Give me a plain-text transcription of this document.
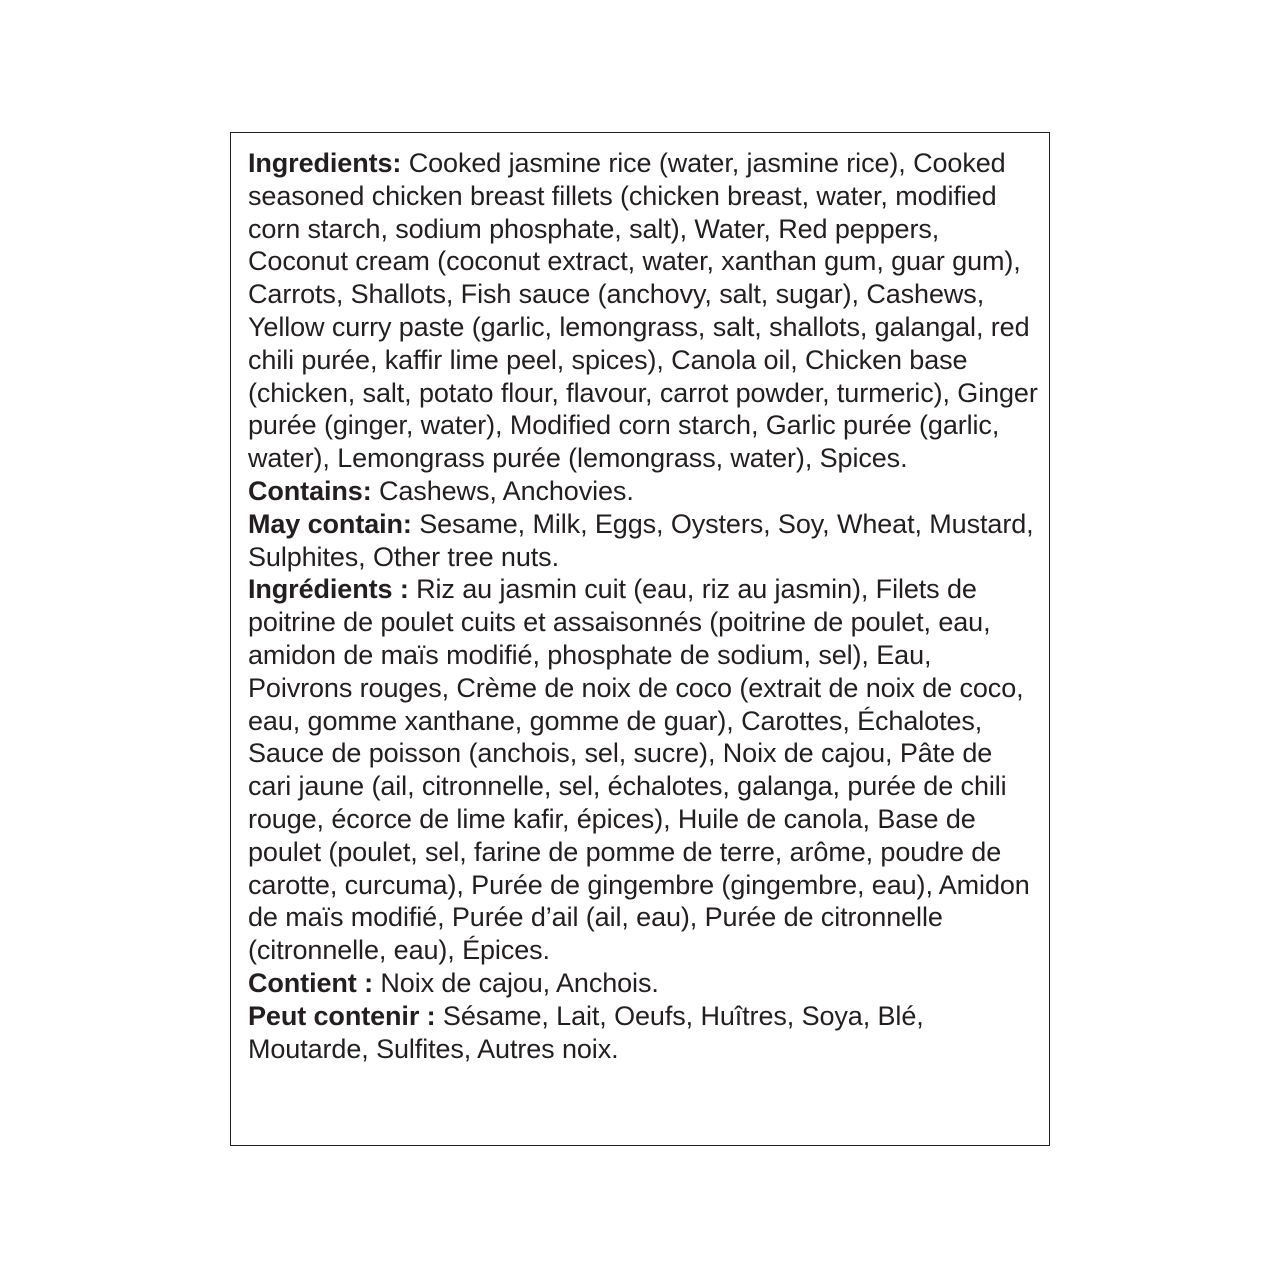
Ingredients: Cooked jasmine rice (water, jasmine rice), Cooked seasoned chicken breast fillets (chicken breast, water, modified corn starch, sodium phosphate, salt), Water, Red peppers, Coconut cream (coconut extract, water, xanthan gum, guar gum), Carrots, Shallots, Fish sauce (anchovy, salt, sugar), Cashews, Yellow curry paste (garlic, lemongrass, salt, shallots, galangal, red chili purée, kaffir lime peel, spices), Canola oil, Chicken base (chicken, salt, potato flour, flavour, carrot powder, turmeric), Ginger purée (ginger, water), Modified corn starch, Garlic purée (garlic, water), Lemongrass purée (lemongrass, water), Spices.

Contains: Cashews, Anchovies.

May contain: Sesame, Milk, Eggs, Oysters, Soy, Wheat, Mustard, Sulphites, Other tree nuts.

Ingrédients : Riz au jasmin cuit (eau, riz au jasmin), Filets de poitrine de poulet cuits et assaisonnés (poitrine de poulet, eau, amidon de maïs modifié, phosphate de sodium, sel), Eau, Poivrons rouges, Crème de noix de coco (extrait de noix de coco, eau, gomme xanthane, gomme de guar), Carottes, Échalotes, Sauce de poisson (anchois, sel, sucre), Noix de cajou, Pâte de cari jaune (ail, citronnelle, sel, échalotes, galanga, purée de chili rouge, écorce de lime kafir, épices), Huile de canola, Base de poulet (poulet, sel, farine de pomme de terre, arôme, poudre de carotte, curcuma), Purée de gingembre (gingembre, eau), Amidon de maïs modifié, Purée d’ail (ail, eau), Purée de citronnelle (citronnelle, eau), Épices.

Contient : Noix de cajou, Anchois.

Peut contenir : Sésame, Lait, Oeufs, Huîtres, Soya, Blé, Moutarde, Sulfites, Autres noix.
